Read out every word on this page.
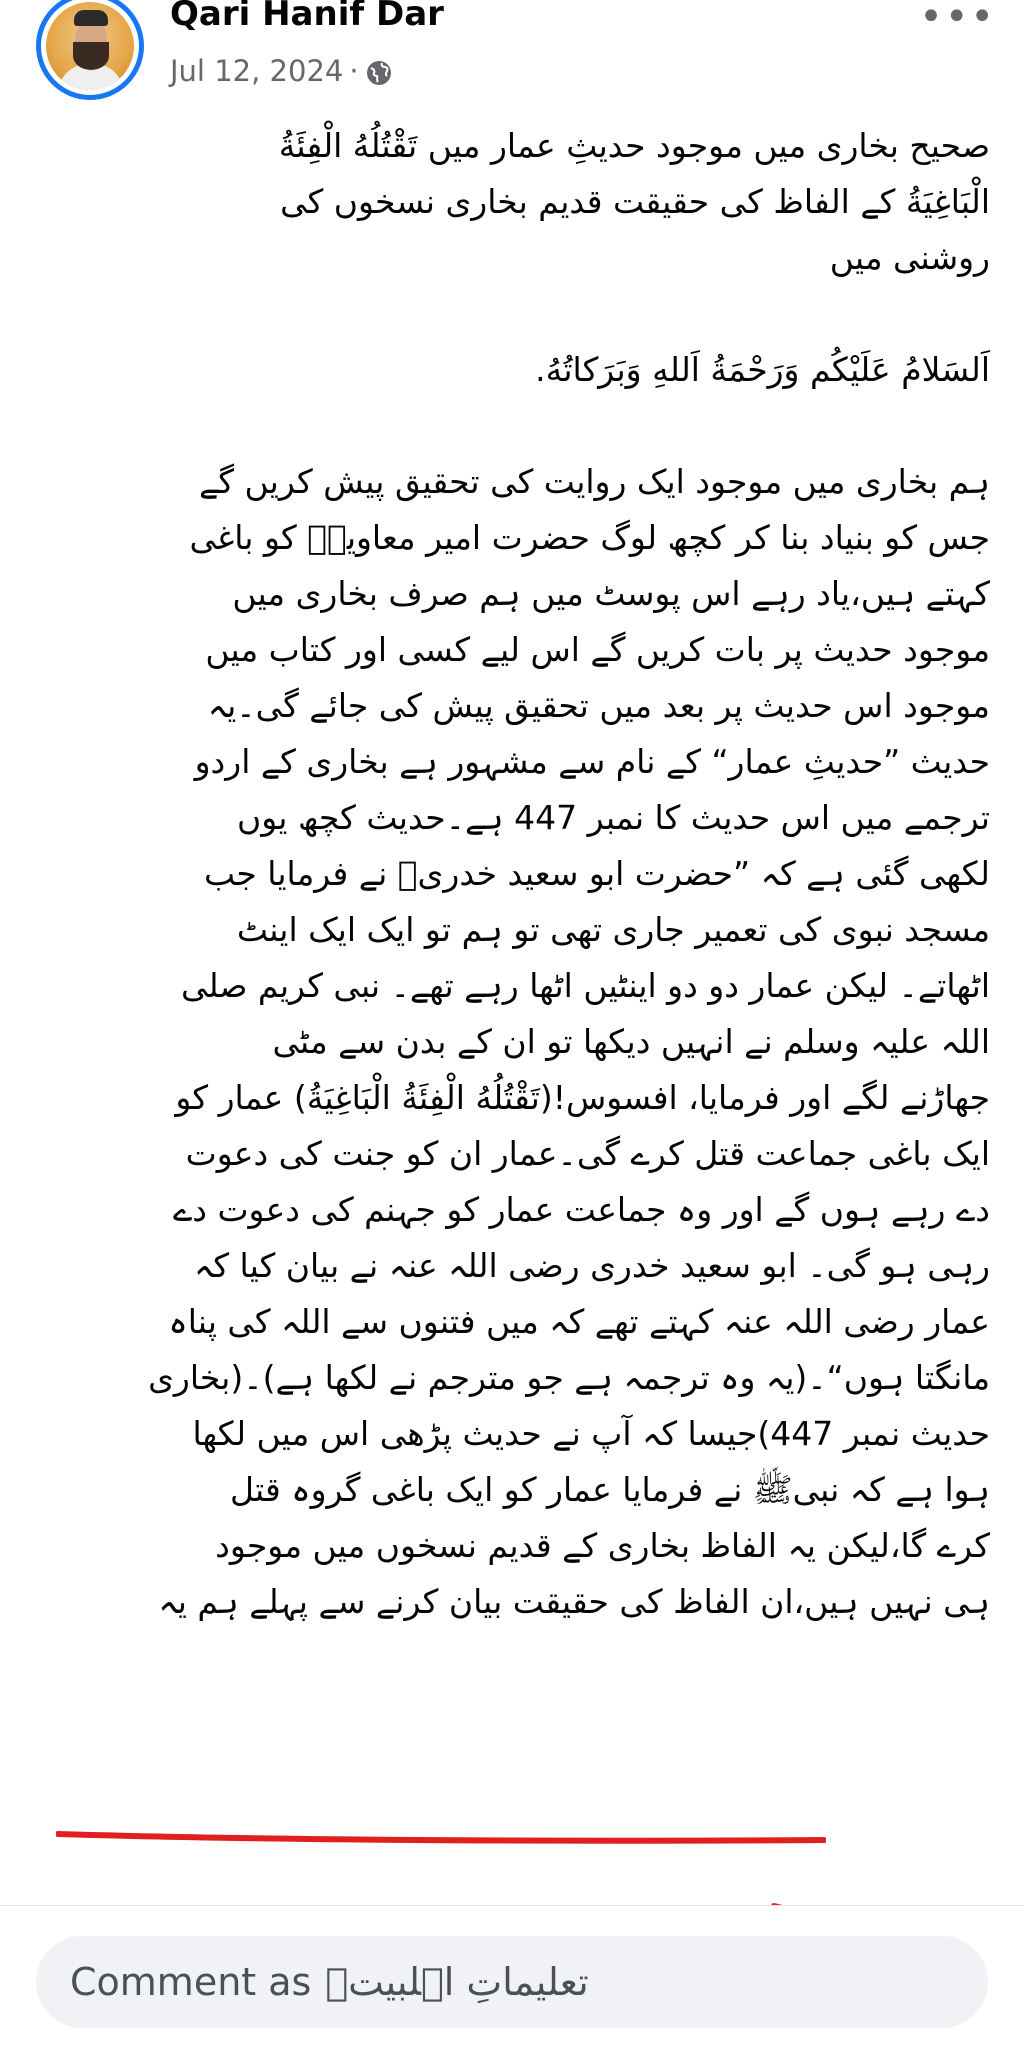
Qari Hanif Dar
Jul 12, 2024 ·
•••

صحیح بخاری میں موجود حدیثِ عمار میں تَقْتُلُهُ الْفِئَةُ
الْبَاغِيَةُ کے الفاظ کی حقیقت قدیم بخاری نسخوں کی
روشنی میں

اَلسَلامُ عَلَيْكُم وَرَحْمَةُ اَللهِ وَبَرَكاتُهُ‎.

ہم بخاری میں موجود ایک روایت کی تحقیق پیش کریں گے
جس کو بنیاد بنا کر کچھ لوگ حضرت امیر معاویہؓ کو باغی
کہتے ہیں،یاد رہے اس پوسٹ میں ہم صرف بخاری میں
موجود حدیث پر بات کریں گے اس لیے کسی اور کتاب میں
موجود اس حدیث پر بعد میں تحقیق پیش کی جائے گی۔یہ
حدیث ”حدیثِ عمار“ کے نام سے مشہور ہے بخاری کے اردو
ترجمے میں اس حدیث کا نمبر 447 ہے۔حدیث کچھ یوں
لکھی گئی ہے کہ ”حضرت ابو سعید خدریؓ نے فرمایا جب
مسجد نبوی کی تعمیر جاری تھی تو ہم تو ایک ایک اینٹ
اٹھاتے۔ لیکن عمار دو دو اینٹیں اٹھا رہے تھے۔ نبی کریم صلی
اللہ علیہ وسلم نے انہیں دیکھا تو ان کے بدن سے مٹی
جھاڑنے لگے اور فرمایا، افسوس!(تَقْتُلُهُ الْفِئَةُ الْبَاغِيَةُ) عمار کو
ایک باغی جماعت قتل کرے گی۔عمار ان کو جنت کی دعوت
دے رہے ہوں گے اور وہ جماعت عمار کو جہنم کی دعوت دے
رہی ہو گی۔ ابو سعید خدری رضی اللہ عنہ نے بیان کیا کہ
عمار رضی اللہ عنہ کہتے تھے کہ میں فتنوں سے اللہ کی پناہ
مانگتا ہوں“۔(یہ وہ ترجمہ ہے جو مترجم نے لکھا ہے)۔(بخاری
حدیث نمبر 447)جیسا کہ آپ نے حدیث پڑھی اس میں لکھا
ہوا ہے کہ نبیﷺ نے فرمایا عمار کو ایک باغی گروہ قتل
کرے گا،لیکن یہ الفاظ بخاری کے قدیم نسخوں میں موجود
ہی نہیں ہیں،ان الفاظ کی حقیقت بیان کرنے سے پہلے ہم یہ

Comment as تعلیماتِ اہلبیتؑ
